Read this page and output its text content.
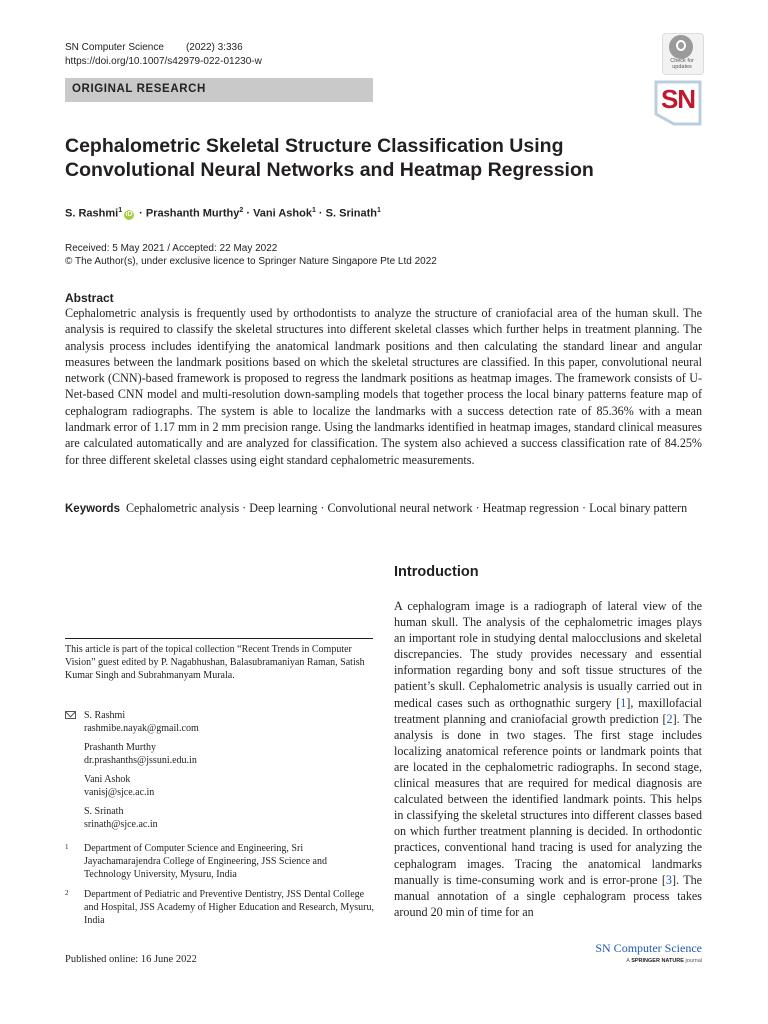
SN Computer Science (2022) 3:336
https://doi.org/10.1007/s42979-022-01230-w
ORIGINAL RESEARCH
Check for updates
SN
Cephalometric Skeletal Structure Classification Using Convolutional Neural Networks and Heatmap Regression
S. Rashmi$^1$iD · Prashanth Murthy$^2$ · Vani Ashok$^1$ · S. Srinath$^1$
Received: 5 May 2021 / Accepted: 22 May 2022
© The Author(s), under exclusive licence to Springer Nature Singapore Pte Ltd 2022
Abstract
Cephalometric analysis is frequently used by orthodontists to analyze the structure of craniofacial area of the human skull. The analysis is required to classify the skeletal structures into different skeletal classes which further helps in treatment planning. The analysis process includes identifying the anatomical landmark positions and then calculating the standard linear and angular measures between the landmark positions based on which the skeletal structures are classified. In this paper, convolutional neural network (CNN)-based framework is proposed to regress the landmark positions as heatmap images. The framework consists of U-Net-based CNN model and multi-resolution down-sampling models that together process the local binary patterns feature map of cephalogram radiographs. The system is able to localize the landmarks with a success detection rate of 85.36% with a mean landmark error of 1.17 mm in 2 mm precision range. Using the landmarks identified in heatmap images, standard clinical measures are calculated automatically and are analyzed for classification. The system also achieved a success classification rate of 84.25% for three different skeletal classes using eight standard cephalometric measurements.
Keywords Cephalometric analysis · Deep learning · Convolutional neural network · Heatmap regression · Local binary pattern
Introduction
A cephalogram image is a radiograph of lateral view of the human skull. The analysis of the cephalometric images plays an important role in studying dental malocclusions and skeletal discrepancies. The study provides necessary and essential information regarding bony and soft tissue structures of the patient’s skull. Cephalometric analysis is usually carried out in medical cases such as orthognathic surgery [1], maxillofacial treatment planning and craniofacial growth prediction [2]. The analysis is done in two stages. The first stage includes localizing anatomical reference points or landmark points that are located in the cephalometric radiographs. In second stage, clinical measures that are required for medical diagnosis are calculated between the identified landmark points. This helps in classifying the skeletal structures into different classes based on which further treatment planning is decided. In orthodontic practices, conventional hand tracing is used for analyzing the cephalogram images. Tracing the anatomical landmarks manually is time-consuming work and is error-prone [3]. The manual annotation of a single cephalogram process takes around 20 min of time for an
This article is part of the topical collection “Recent Trends in Computer Vision” guest edited by P. Nagabhushan, Balasubramaniyan Raman, Satish Kumar Singh and Subrahmanyam Murala.
S. Rashmi
rashmibe.nayak@gmail.com
Prashanth Murthy
dr.prashanths@jssuni.edu.in
Vani Ashok
vanisj@sjce.ac.in
S. Srinath
srinath@sjce.ac.in
1 Department of Computer Science and Engineering, Sri Jayachamarajendra College of Engineering, JSS Science and Technology University, Mysuru, India
2 Department of Pediatric and Preventive Dentistry, JSS Dental College and Hospital, JSS Academy of Higher Education and Research, Mysuru, India
Published online: 16 June 2022
SN Computer Science
A SPRINGER NATURE journal
